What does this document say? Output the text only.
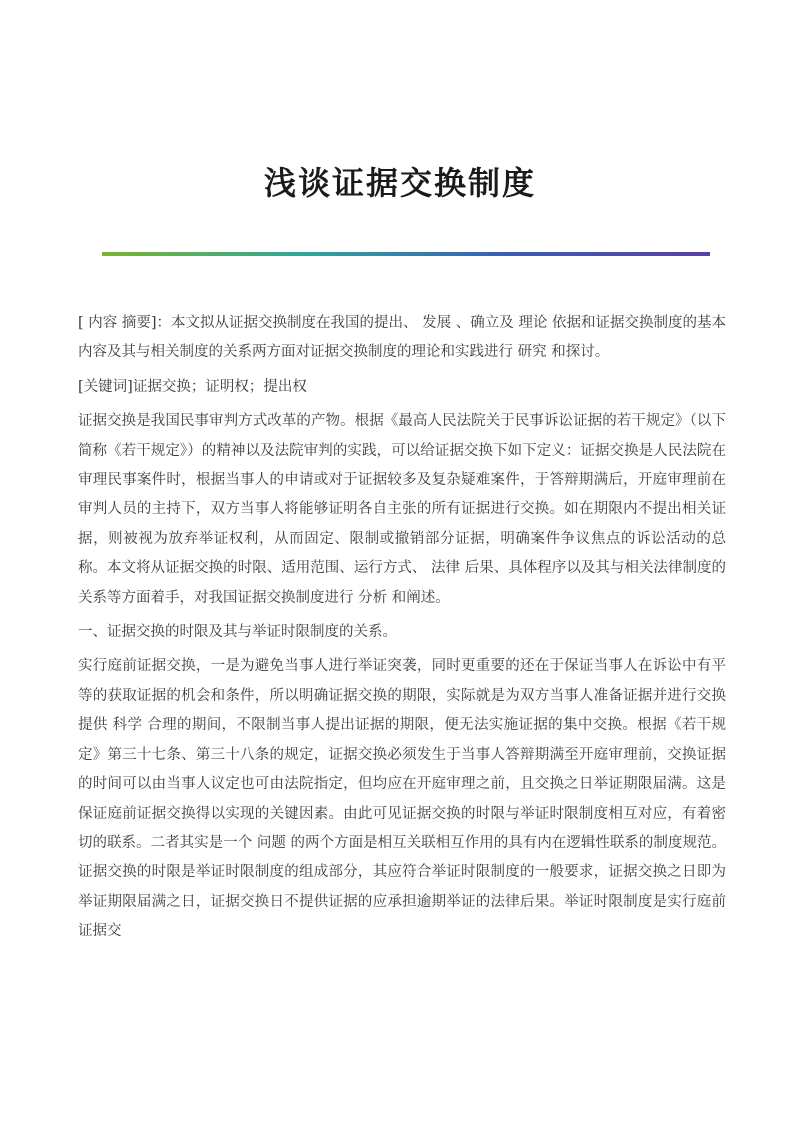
浅谈证据交换制度

[ 内容 摘要]：本文拟从证据交换制度在我国的提出、 发展 、确立及 理论 依据和证据交换制度的基本内容及其与相关制度的关系两方面对证据交换制度的理论和实践进行 研究 和探讨。

[关键词]证据交换；证明权；提出权

证据交换是我国民事审判方式改革的产物。根据《最高人民法院关于民事诉讼证据的若干规定》（以下简称《若干规定》）的精神以及法院审判的实践，可以给证据交换下如下定义：证据交换是人民法院在审理民事案件时，根据当事人的申请或对于证据较多及复杂疑难案件，于答辩期满后，开庭审理前在审判人员的主持下，双方当事人将能够证明各自主张的所有证据进行交换。如在期限内不提出相关证据，则被视为放弃举证权利，从而固定、限制或撤销部分证据，明确案件争议焦点的诉讼活动的总称。本文将从证据交换的时限、适用范围、运行方式、 法律 后果、具体程序以及其与相关法律制度的关系等方面着手，对我国证据交换制度进行 分析 和阐述。

一、证据交换的时限及其与举证时限制度的关系。

实行庭前证据交换，一是为避免当事人进行举证突袭，同时更重要的还在于保证当事人在诉讼中有平等的获取证据的机会和条件，所以明确证据交换的期限，实际就是为双方当事人准备证据并进行交换提供 科学 合理的期间，不限制当事人提出证据的期限，便无法实施证据的集中交换。根据《若干规定》第三十七条、第三十八条的规定，证据交换必须发生于当事人答辩期满至开庭审理前，交换证据的时间可以由当事人议定也可由法院指定，但均应在开庭审理之前，且交换之日举证期限届满。这是保证庭前证据交换得以实现的关键因素。由此可见证据交换的时限与举证时限制度相互对应，有着密切的联系。二者其实是一个 问题 的两个方面是相互关联相互作用的具有内在逻辑性联系的制度规范。证据交换的时限是举证时限制度的组成部分，其应符合举证时限制度的一般要求，证据交换之日即为举证期限届满之日，证据交换日不提供证据的应承担逾期举证的法律后果。举证时限制度是实行庭前证据交
